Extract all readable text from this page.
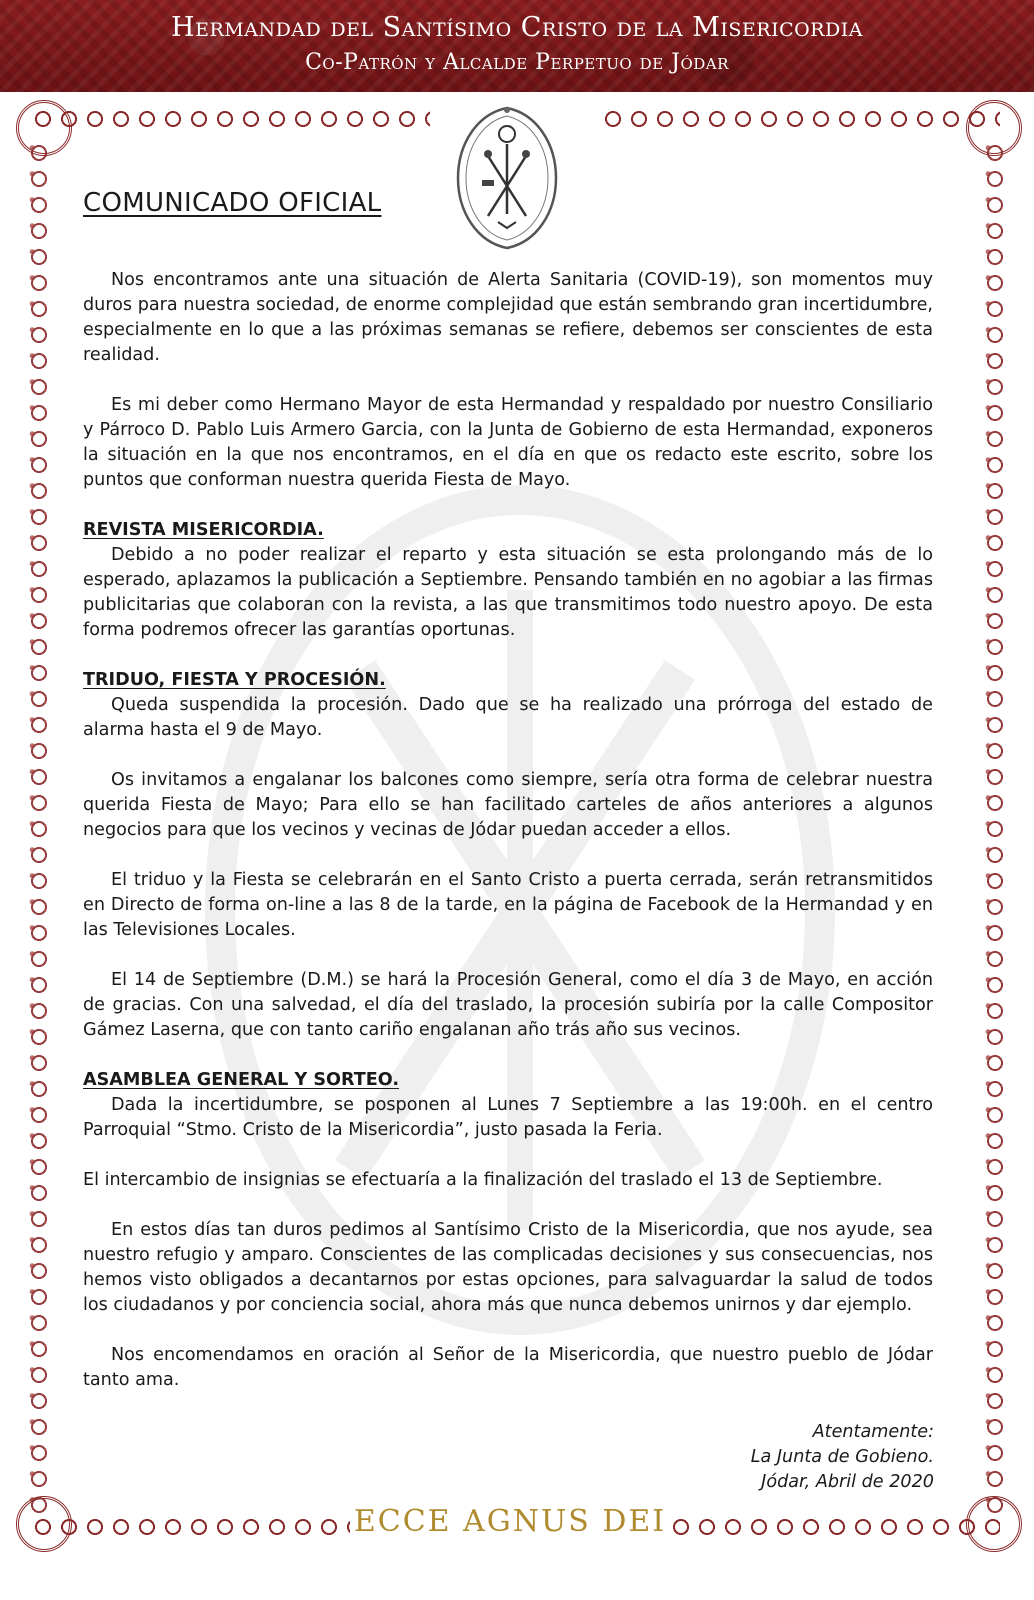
Hermandad del Santísimo Cristo de la Misericordia
Co-Patrón y Alcalde Perpetuo de Jódar
COMUNICADO OFICIAL

Nos encontramos ante una situación de Alerta Sanitaria (COVID-19), son momentos muy duros para nuestra sociedad, de enorme complejidad que están sembrando gran incertidumbre, especialmente en lo que a las próximas semanas se refiere, debemos ser conscientes de esta realidad.

Es mi deber como Hermano Mayor de esta Hermandad y respaldado por nuestro Consiliario y Párroco D. Pablo Luis Armero Garcia, con la Junta de Gobierno de esta Hermandad, exponeros la situación en la que nos encontramos, en el día en que os redacto este escrito, sobre los puntos que conforman nuestra querida Fiesta de Mayo.

REVISTA MISERICORDIA.

Debido a no poder realizar el reparto y esta situación se esta prolongando más de lo esperado, aplazamos la publicación a Septiembre. Pensando también en no agobiar a las firmas publicitarias que colaboran con la revista, a las que transmitimos todo nuestro apoyo. De esta forma podremos ofrecer las garantías oportunas.

TRIDUO, FIESTA Y PROCESIÓN.

Queda suspendida la procesión. Dado que se ha realizado una prórroga del estado de alarma hasta el 9 de Mayo.

Os invitamos a engalanar los balcones como siempre, sería otra forma de celebrar nuestra querida Fiesta de Mayo; Para ello se han facilitado carteles de años anteriores a algunos negocios para que los vecinos y vecinas de Jódar puedan acceder a ellos.

El triduo y la Fiesta se celebrarán en el Santo Cristo a puerta cerrada, serán retransmitidos en Directo de forma on-line a las 8 de la tarde, en la página de Facebook de la Hermandad y en las Televisiones Locales.

El 14 de Septiembre (D.M.) se hará la Procesión General, como el día 3 de Mayo, en acción de gracias. Con una salvedad, el día del traslado, la procesión subiría por la calle Compositor Gámez Laserna, que con tanto cariño engalanan año trás año sus vecinos.

ASAMBLEA GENERAL Y SORTEO.

Dada la incertidumbre, se posponen al Lunes 7 Septiembre a las 19:00h. en el centro Parroquial “Stmo. Cristo de la Misericordia”, justo pasada la Feria.

El intercambio de insignias se efectuaría a la finalización del traslado el 13 de Septiembre.

En estos días tan duros pedimos al Santísimo Cristo de la Misericordia, que nos ayude, sea nuestro refugio y amparo. Conscientes de las complicadas decisiones y sus consecuencias, nos hemos visto obligados a decantarnos por estas opciones, para salvaguardar la salud de todos los ciudadanos y por conciencia social, ahora más que nunca debemos unirnos y dar ejemplo.

Nos encomendamos en oración al Señor de la Misericordia, que nuestro pueblo de Jódar tanto ama.

Atentamente:
La Junta de Gobieno.
Jódar, Abril de 2020
ECCE AGNUS DEI
